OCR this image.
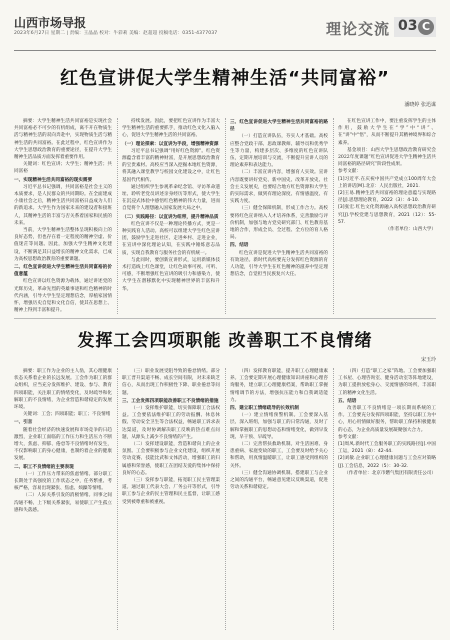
山西市场导报
2023年6月27日 星期二 | 责编：王晶晶 校对：牛彩莉 美编：赵超超 投稿电话：0351-4377037	理论交流 03 C
红色宣讲促大学生精神生活“共同富裕”
潘晓婷 张迅谋

摘要：大学生精神生活共同富裕是实现社会共同富裕必不可少的有机组成，离不开在物质生活与精神生活的双向奔赴中，实现物质生活与精神生活的共同富裕。在此过程中，红色宣讲作为大学生思想政治教育的重要途径，在提升大学生精神生活品质方面发挥着重要作用。

关键词：红色宣讲；大学生；精神生活；共同富裕

一、实现精神生活共同富裕的现实需要

习近平总书记强调，共同富裕是社会主义的本质要求，是人民群众的共同期盼。在全面建成小康社会之后，精神生活共同富裕日益成为人们的新追求。大学生作为国家未来的建设者和接班人，其精神生活的丰富与否关系着国家和民族的未来。

当前，大学生精神生活整体呈现积极向上的良好态势，但也存在着一定程度的精神空虚、价值迷茫等问题。因此，加强大学生精神文化建设，不断满足其日益增长的精神文化需求，已成为高校思想政治教育的重要课题。

二、红色宣讲促进大学生精神生活共同富裕的价值意蕴

红色宣讲以红色资源为载体，通过讲述党的光辉历史、革命先烈的英雄事迹和红色精神的时代内涵，引导大学生坚定理想信念，厚植家国情怀，增强历史自觉和文化自信，使其在思想上、精神上得到丰富和提升。

持续发展。因此，要把红色宣讲作为丰富大学生精神生活的重要抓手，推动红色文化入脑入心，促进大学生精神生活的共同富裕。

（一）理论探索：以宣讲为手段，增强精神资源

习近平总书记强调“用好红色资源”。红色资源蕴含着丰富的精神财富，是开展思想政治教育的宝贵素材。高校应当深入挖掘本地红色资源，将其融入课堂教学与校园文化建设之中，让红色基因代代相传。

通过组织学生参观革命纪念馆、寻访革命遗址、聆听老党员讲述亲身经历等形式，使大学生在沉浸式体验中感悟红色精神的伟大力量，进而自觉将个人理想融入国家发展大局之中。

（二）实践路径：以宣讲为纽带，提升精神品质

红色宣讲不仅是一种理论传播方式，更是一种实践育人活动。高校可以组建大学生红色宣讲团，鼓励学生走进社区、走进乡村、走进企业，在宣讲中深化理论认知，在实践中锤炼意志品质，实现自我教育与服务社会的有机统一。

与此同时，要创新宣讲形式，运用新媒体技术打造线上红色课堂，让红色故事可视、可听、可感，不断增强红色宣讲的吸引力和感染力，使大学生在潜移默化中实现精神世界的丰富和升华。

三、红色宣讲促进大学生精神生活共同富裕的路径

（一）打造宣讲队伍，夯实人才基础。高校应整合党政干部、思政课教师、辅导员和优秀学生等力量，构建多层次、多维度的红色宣讲队伍，定期开展培训与交流，不断提升宣讲人员的理论素养和表达能力。

（二）丰富宣讲内容，增强育人实效。宣讲内容既要讲好党史、新中国史、改革开放史、社会主义发展史，也要结合地方红色资源和大学生的实际需求，做到有理论深度、有情感温度、有实践力度。

（三）健全保障机制，形成工作合力。高校要将红色宣讲纳入人才培养体系，完善激励与评价机制，加强与地方党史研究部门、红色教育基地的合作，形成全员、全过程、全方位的育人格局。

四、结语

红色宣讲是促进大学生精神生活共同富裕的有效途径。新时代高校要充分发挥红色资源的育人功能，引导大学生在红色精神的滋养中坚定理想信念，自觉担当民族复兴大任。

在红色宣讲工作中，要注重发挥学生的主体作用，鼓励大学生在“学”中“讲”、在“讲”中“悟”，从而不断提升其精神境界和综合素养。

基金项目：山西大学生思想政治教育研究会2022年度课题“红色宣讲促进大学生精神生活共同富裕的路径研究”阶段性成果。

参考文献：

[1]习近平.在庆祝中国共产党成立100周年大会上的讲话[M].北京：人民出版社，2021.

[2]王易.精神生活共同富裕的理论意蕴与实现路径[J].思想理论教育，2022（3）：4-10.

[3]张宏.红色文化资源融入高校思想政治教育研究[J].学校党建与思想教育，2021（12）：55-57.

（作者单位：山西大学）

发挥工会四项职能 改善职工不良情绪
宋玉玲

摘要：职工作为企业的主人翁，其心理健康状态关系着企业的长远发展。工会作为职工的群众组织，应当充分发挥维护、建设、参与、教育四项职能，关注职工的情绪变化，及时疏导和化解职工的不良情绪，为企业营造和谐稳定的发展环境。

关键词：工会；四项职能；职工；不良情绪

一、引言

随着社会经济的快速发展和市场竞争的日趋激烈，企业职工面临的工作压力和生活压力不断增大，焦虑、抑郁、倦怠等不良情绪时有发生，不仅影响职工的身心健康，也制约着企业的健康发展。

二、职工不良情绪的主要表现

（一）工作压力带来的焦虑情绪。部分职工长期处于高强度的工作状态之中，任务繁重、考核严格，容易出现紧张、焦虑、烦躁等情绪。

（二）人际关系引发的消极情绪。同事之间沟通不畅、上下级关系紧张，易使职工产生孤立感和失落感。

（三）职业发展受阻导致的倦怠情绪。部分职工晋升渠道不畅、成长空间有限，对未来缺乏信心，从而出现工作积极性下降、职业倦怠等问题。

三、工会发挥四项职能改善职工不良情绪的措施

（一）发挥维护职能，切实保障职工合法权益。工会要依法维护职工的劳动报酬、休息休假、劳动安全卫生等合法权益，畅通职工诉求表达渠道，及时协调解决职工反映的热点难点问题，从源头上减少不良情绪的产生。

（二）发挥建设职能，营造和谐向上的企业氛围。工会要积极参与企业文化建设，组织开展劳动竞赛、技能比武和文体活动，增强职工的归属感和荣誉感，使职工在团结友爱的集体中保持良好的心态。

（三）发挥参与职能，拓宽职工民主管理渠道。通过职工代表大会、厂务公开等形式，引导职工参与企业的民主管理和民主监督，让职工感受到被尊重和被重视。

（四）发挥教育职能，提升职工心理健康素养。工会要定期开展心理健康知识讲座和心理咨询服务，建立职工心理健康档案，帮助职工掌握情绪调节的方法，增强抗压能力和自我调适能力。

四、建立职工情绪疏导的长效机制

（一）建立情绪预警机制。工会要深入基层、深入班组，加强与职工的日常沟通，及时了解和掌握职工的思想动态和情绪变化，做到早发现、早干预、早疏导。

（二）完善帮扶救助机制。对生活困难、身患重病、家庭变故的职工，工会要及时给予关心和帮助，用真情温暖职工，让职工感受到组织的关怀。

（三）健全沟通协调机制。搭建职工与企业之间的沟通平台，畅通意见建议反映渠道，促进劳动关系和谐稳定。

（四）打造“职工之家”阵地。工会要加强职工书屋、心理咨询室、健身活动室等阵地建设，为职工提供放松身心、交流情感的场所，丰富职工的精神文化生活。

五、结语

改善职工不良情绪是一项长期而系统的工作。工会要充分发挥四项职能，坚持以职工为中心，用心用情做好服务，帮助职工保持积极健康的心态，为企业高质量发展凝聚强大合力。

参考文献：

[1]周凤.新时代工会服务职工的实践路径[J].中国工运，2021（8）：42-44.

[2]刘敏.企业职工心理健康问题与工会应对策略[J].工会信息，2022（5）：30-32.

（作者单位：北京市燃气集团有限责任公司）
